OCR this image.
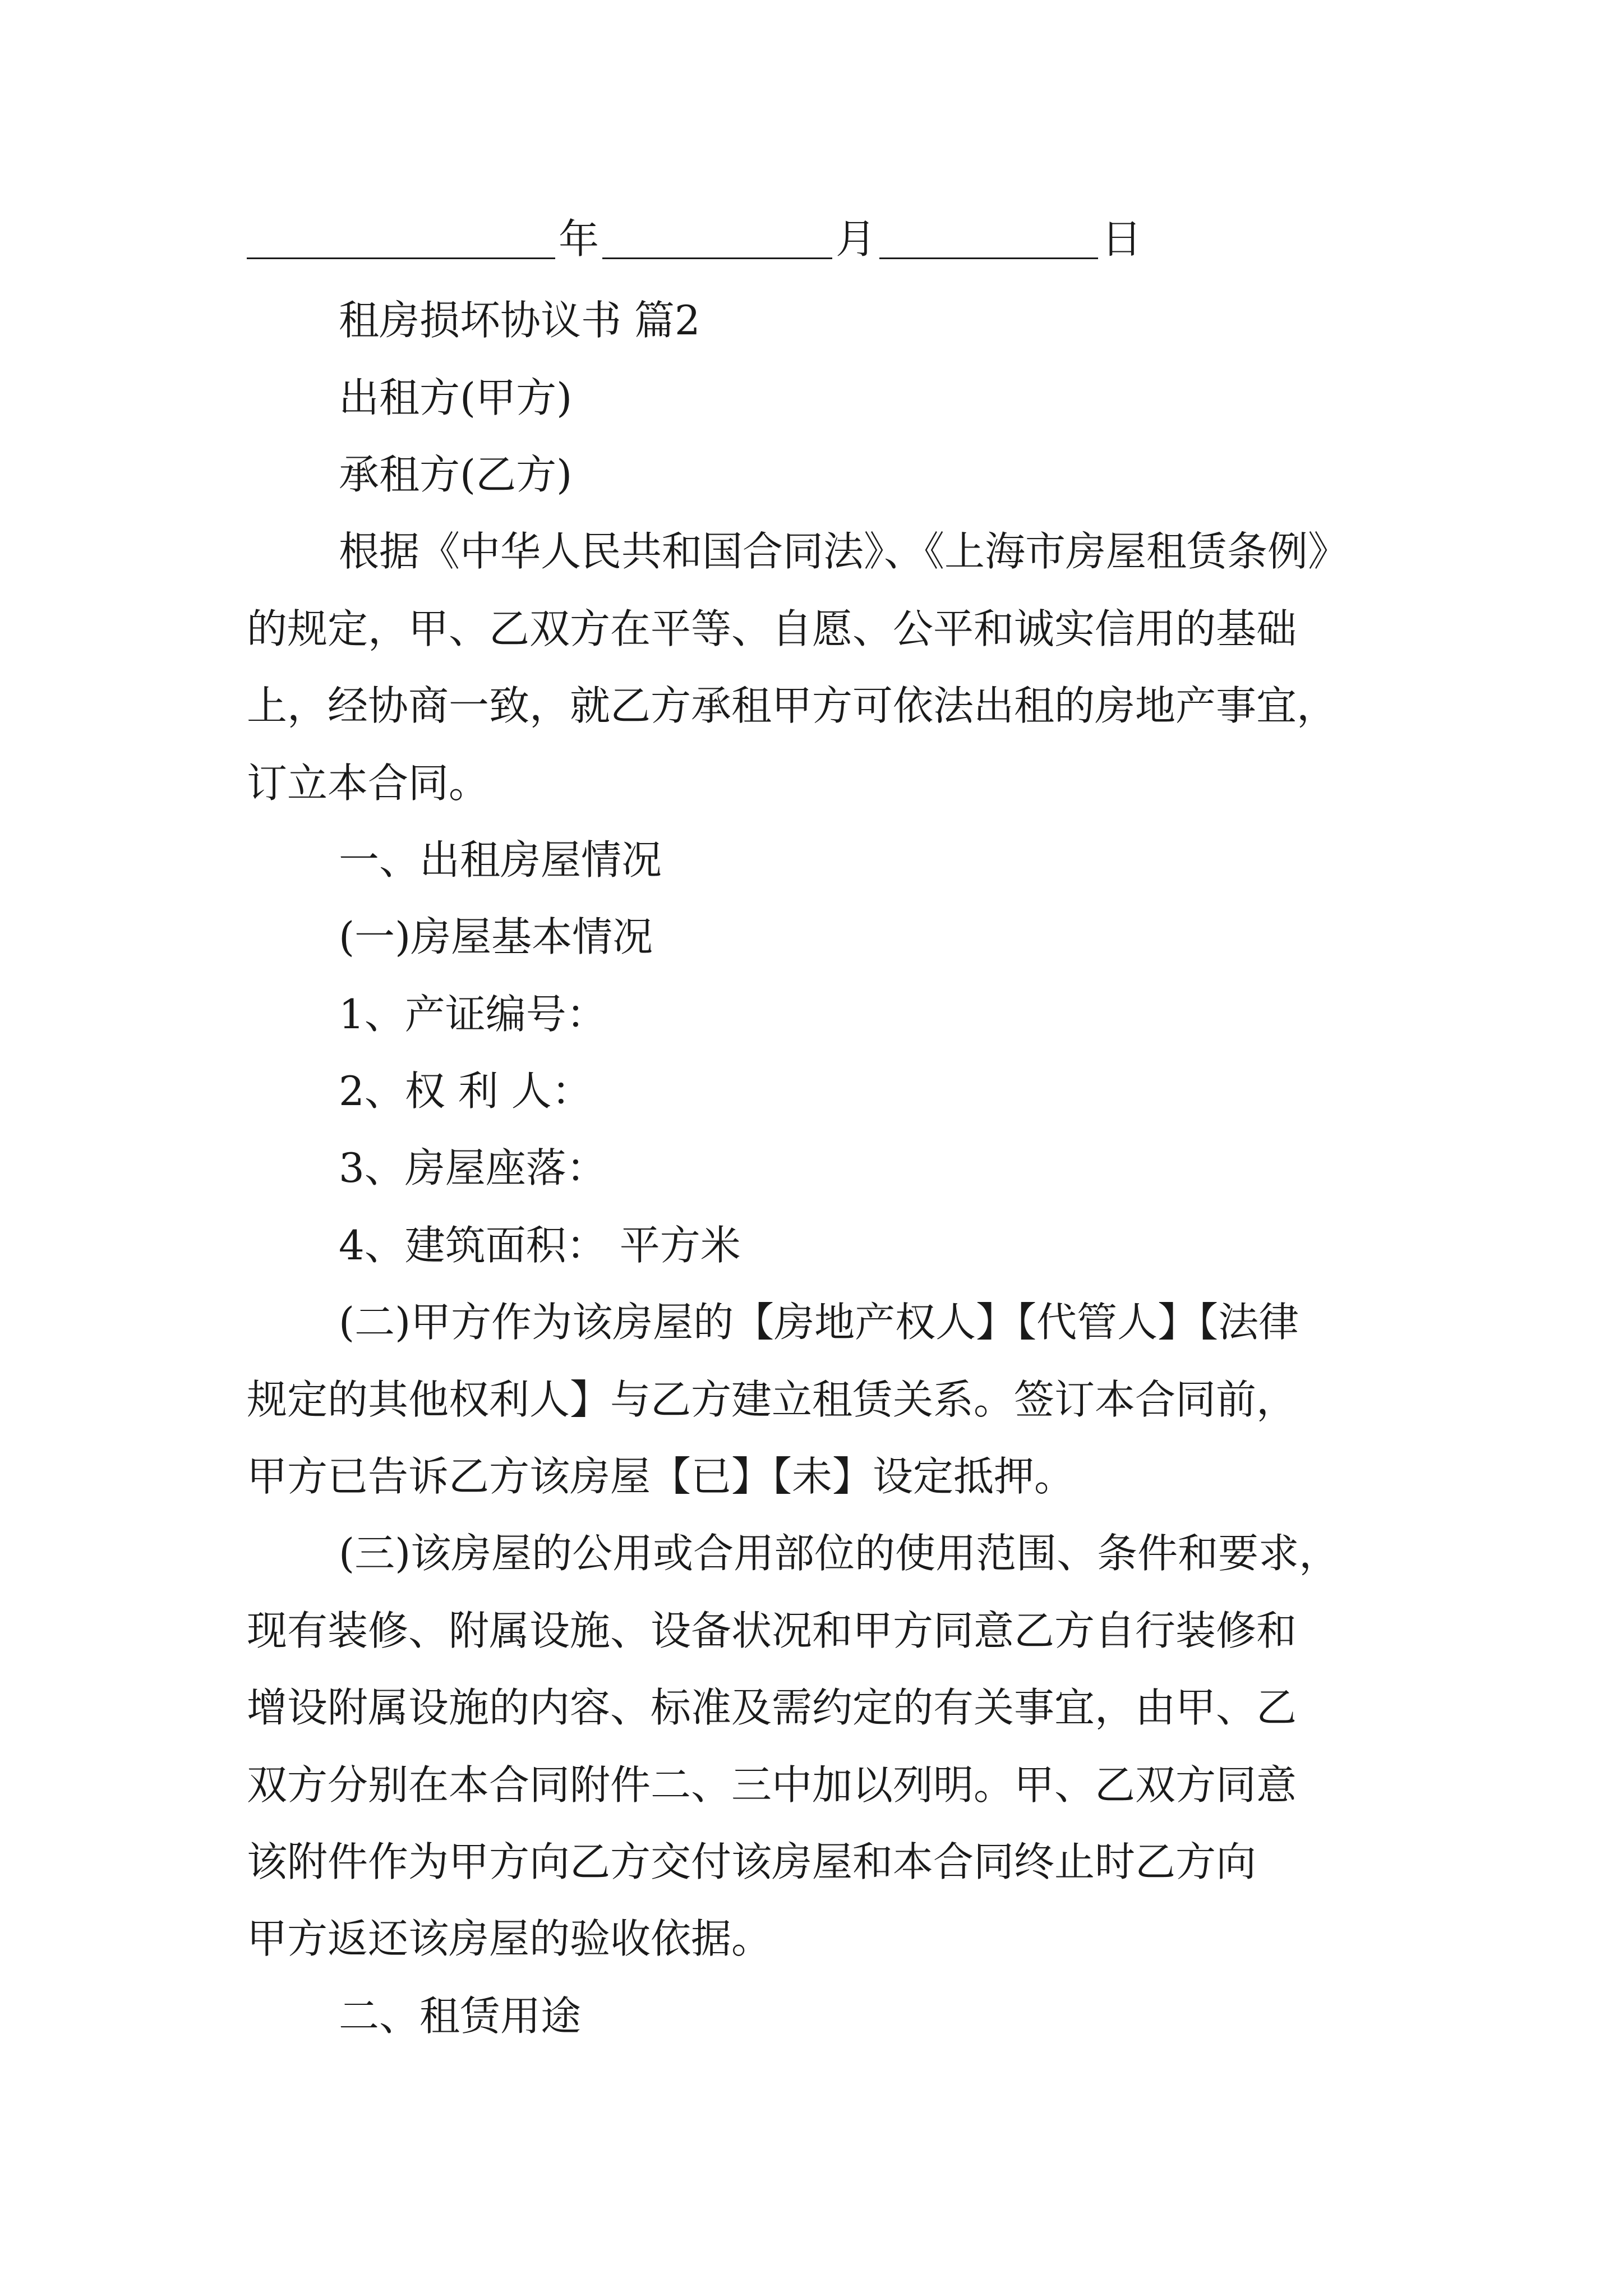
年	月	日
租房损坏协议书 篇2
出租方(甲方)
承租方(乙方)
根据《中华人民共和国合同法》、《上海市房屋租赁条例》
的规定，甲、乙双方在平等、自愿、公平和诚实信用的基础
上，经协商一致，就乙方承租甲方可依法出租的房地产事宜，
订立本合同。
一、出租房屋情况
(一)房屋基本情况
1、产证编号：
2、权 利 人：
3、房屋座落：
4、建筑面积： 平方米
(二)甲方作为该房屋的【房地产权人】【代管人】【法律
规定的其他权利人】与乙方建立租赁关系。签订本合同前，
甲方已告诉乙方该房屋【已】【未】设定抵押。
(三)该房屋的公用或合用部位的使用范围、条件和要求，
现有装修、附属设施、设备状况和甲方同意乙方自行装修和
增设附属设施的内容、标准及需约定的有关事宜，由甲、乙
双方分别在本合同附件二、三中加以列明。甲、乙双方同意
该附件作为甲方向乙方交付该房屋和本合同终止时乙方向
甲方返还该房屋的验收依据。
二、租赁用途
